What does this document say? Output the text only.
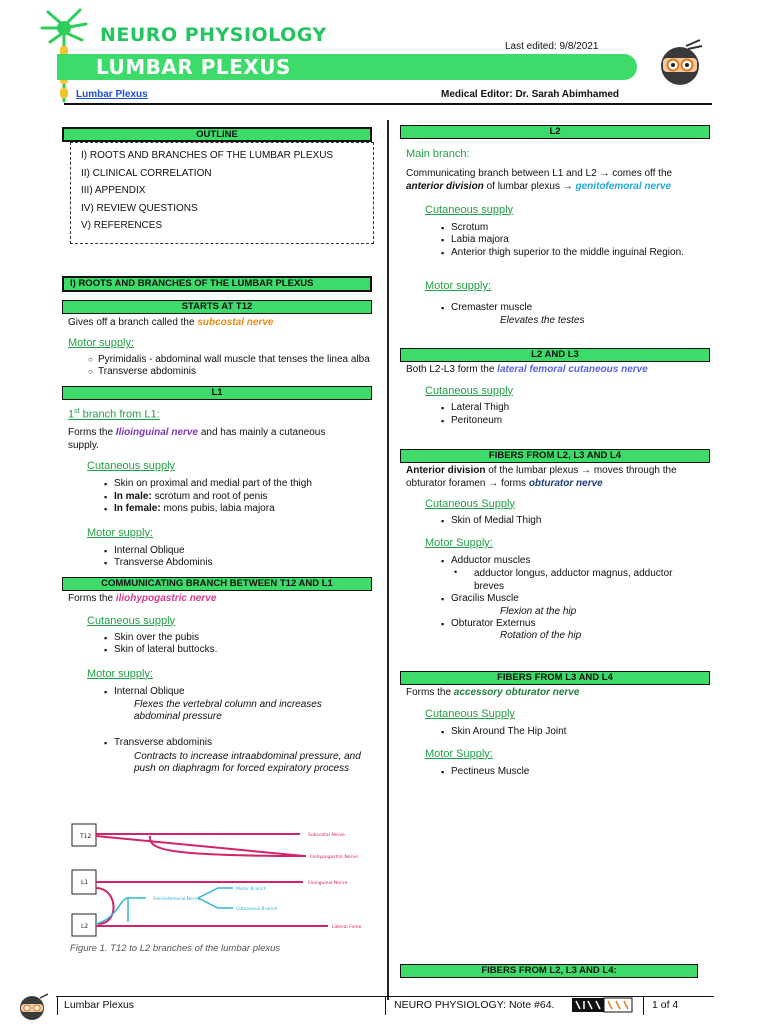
NEURO PHYSIOLOGY
LUMBAR PLEXUS
Last edited: 9/8/2021
Lumbar Plexus	Medical Editor: Dr. Sarah Abimhamed
OUTLINE
I) ROOTS AND BRANCHES OF THE LUMBAR PLEXUS
II) CLINICAL CORRELATION
III) APPENDIX
IV) REVIEW QUESTIONS
V) REFERENCES
I) ROOTS AND BRANCHES OF THE LUMBAR PLEXUS
STARTS AT T12
Gives off a branch called the subcostal nerve
Motor supply:
○ Pyrimidalis - abdominal wall muscle that tenses the linea alba
○ Transverse abdominis
L1
1st branch from L1:
Forms the Ilioinguinal nerve and has mainly a cutaneous supply.
Cutaneous supply
▪ Skin on proximal and medial part of the thigh
▪ In male: scrotum and root of penis
▪ In female: mons pubis, labia majora
Motor supply:
▪ Internal Oblique
▪ Transverse Abdominis
COMMUNICATING BRANCH BETWEEN T12 AND L1
Forms the iliohypogastric nerve
Cutaneous supply
▪ Skin over the pubis
▪ Skin of lateral buttocks.
Motor supply:
▪ Internal Oblique
Flexes the vertebral column and increases abdominal pressure
▪ Transverse abdominis
Contracts to increase intraabdominal pressure, and push on diaphragm for forced expiratory process
T12
L1
L2
Subcostal Nerve
Iliohypogastric Nerve
Ilioinguinal Nerve
Genitofemoral Nerve
Motor Branch
Cutaneous Branch
Lateral Femo
Figure 1. T12 to L2 branches of the lumbar plexus
L2
Main branch:
Communicating branch between L1 and L2 → comes off the anterior division of lumbar plexus → genitofemoral nerve
Cutaneous supply
▪ Scrotum
▪ Labia majora
▪ Anterior thigh superior to the middle inguinal Region.
Motor supply:
▪ Cremaster muscle
Elevates the testes
L2 AND L3
Both L2-L3 form the lateral femoral cutaneous nerve
Cutaneous supply
▪ Lateral Thigh
▪ Peritoneum
FIBERS FROM L2, L3 AND L4
Anterior division of the lumbar plexus → moves through the obturator foramen → forms obturator nerve
Cutaneous Supply
▪ Skin of Medial Thigh
Motor Supply:
▪ Adductor muscles
•	adductor longus, adductor magnus, adductor breves
▪ Gracilis Muscle
Flexion at the hip
▪ Obturator Externus
Rotation of the hip
FIBERS FROM L3 AND L4
Forms the accessory obturator nerve
Cutaneous Supply
▪ Skin Around The Hip Joint
Motor Supply:
▪ Pectineus Muscle
FIBERS FROM L2, L3 AND L4:
Lumbar Plexus	NEURO PHYSIOLOGY: Note #64.	1 of 4
